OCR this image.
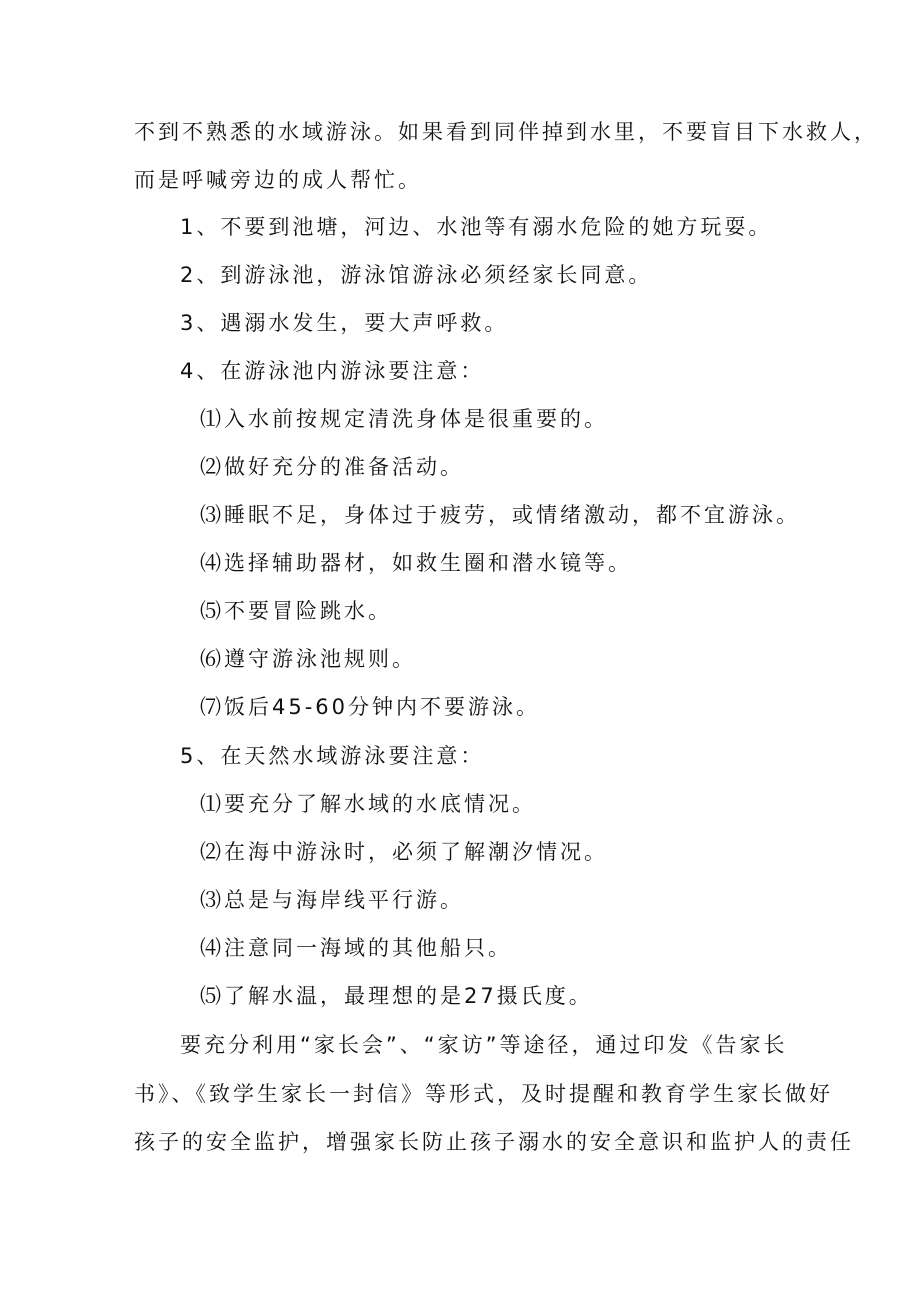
不到不熟悉的水域游泳。如果看到同伴掉到水里，不要盲目下水救人，
而是呼喊旁边的成人帮忙。
1、不要到池塘，河边、水池等有溺水危险的她方玩耍。
2、到游泳池，游泳馆游泳必须经家长同意。
3、遇溺水发生，要大声呼救。
4、在游泳池内游泳要注意：
⑴入水前按规定清洗身体是很重要的。
⑵做好充分的准备活动。
⑶睡眠不足，身体过于疲劳，或情绪激动，都不宜游泳。
⑷选择辅助器材，如救生圈和潜水镜等。
⑸不要冒险跳水。
⑹遵守游泳池规则。
⑺饭后45-60分钟内不要游泳。
5、在天然水域游泳要注意：
⑴要充分了解水域的水底情况。
⑵在海中游泳时，必须了解潮汐情况。
⑶总是与海岸线平行游。
⑷注意同一海域的其他船只。
⑸了解水温，最理想的是27摄氏度。
要充分利用“家长会”、“家访”等途径，通过印发《告家长
书》、《致学生家长一封信》等形式，及时提醒和教育学生家长做好
孩子的安全监护，增强家长防止孩子溺水的安全意识和监护人的责任
